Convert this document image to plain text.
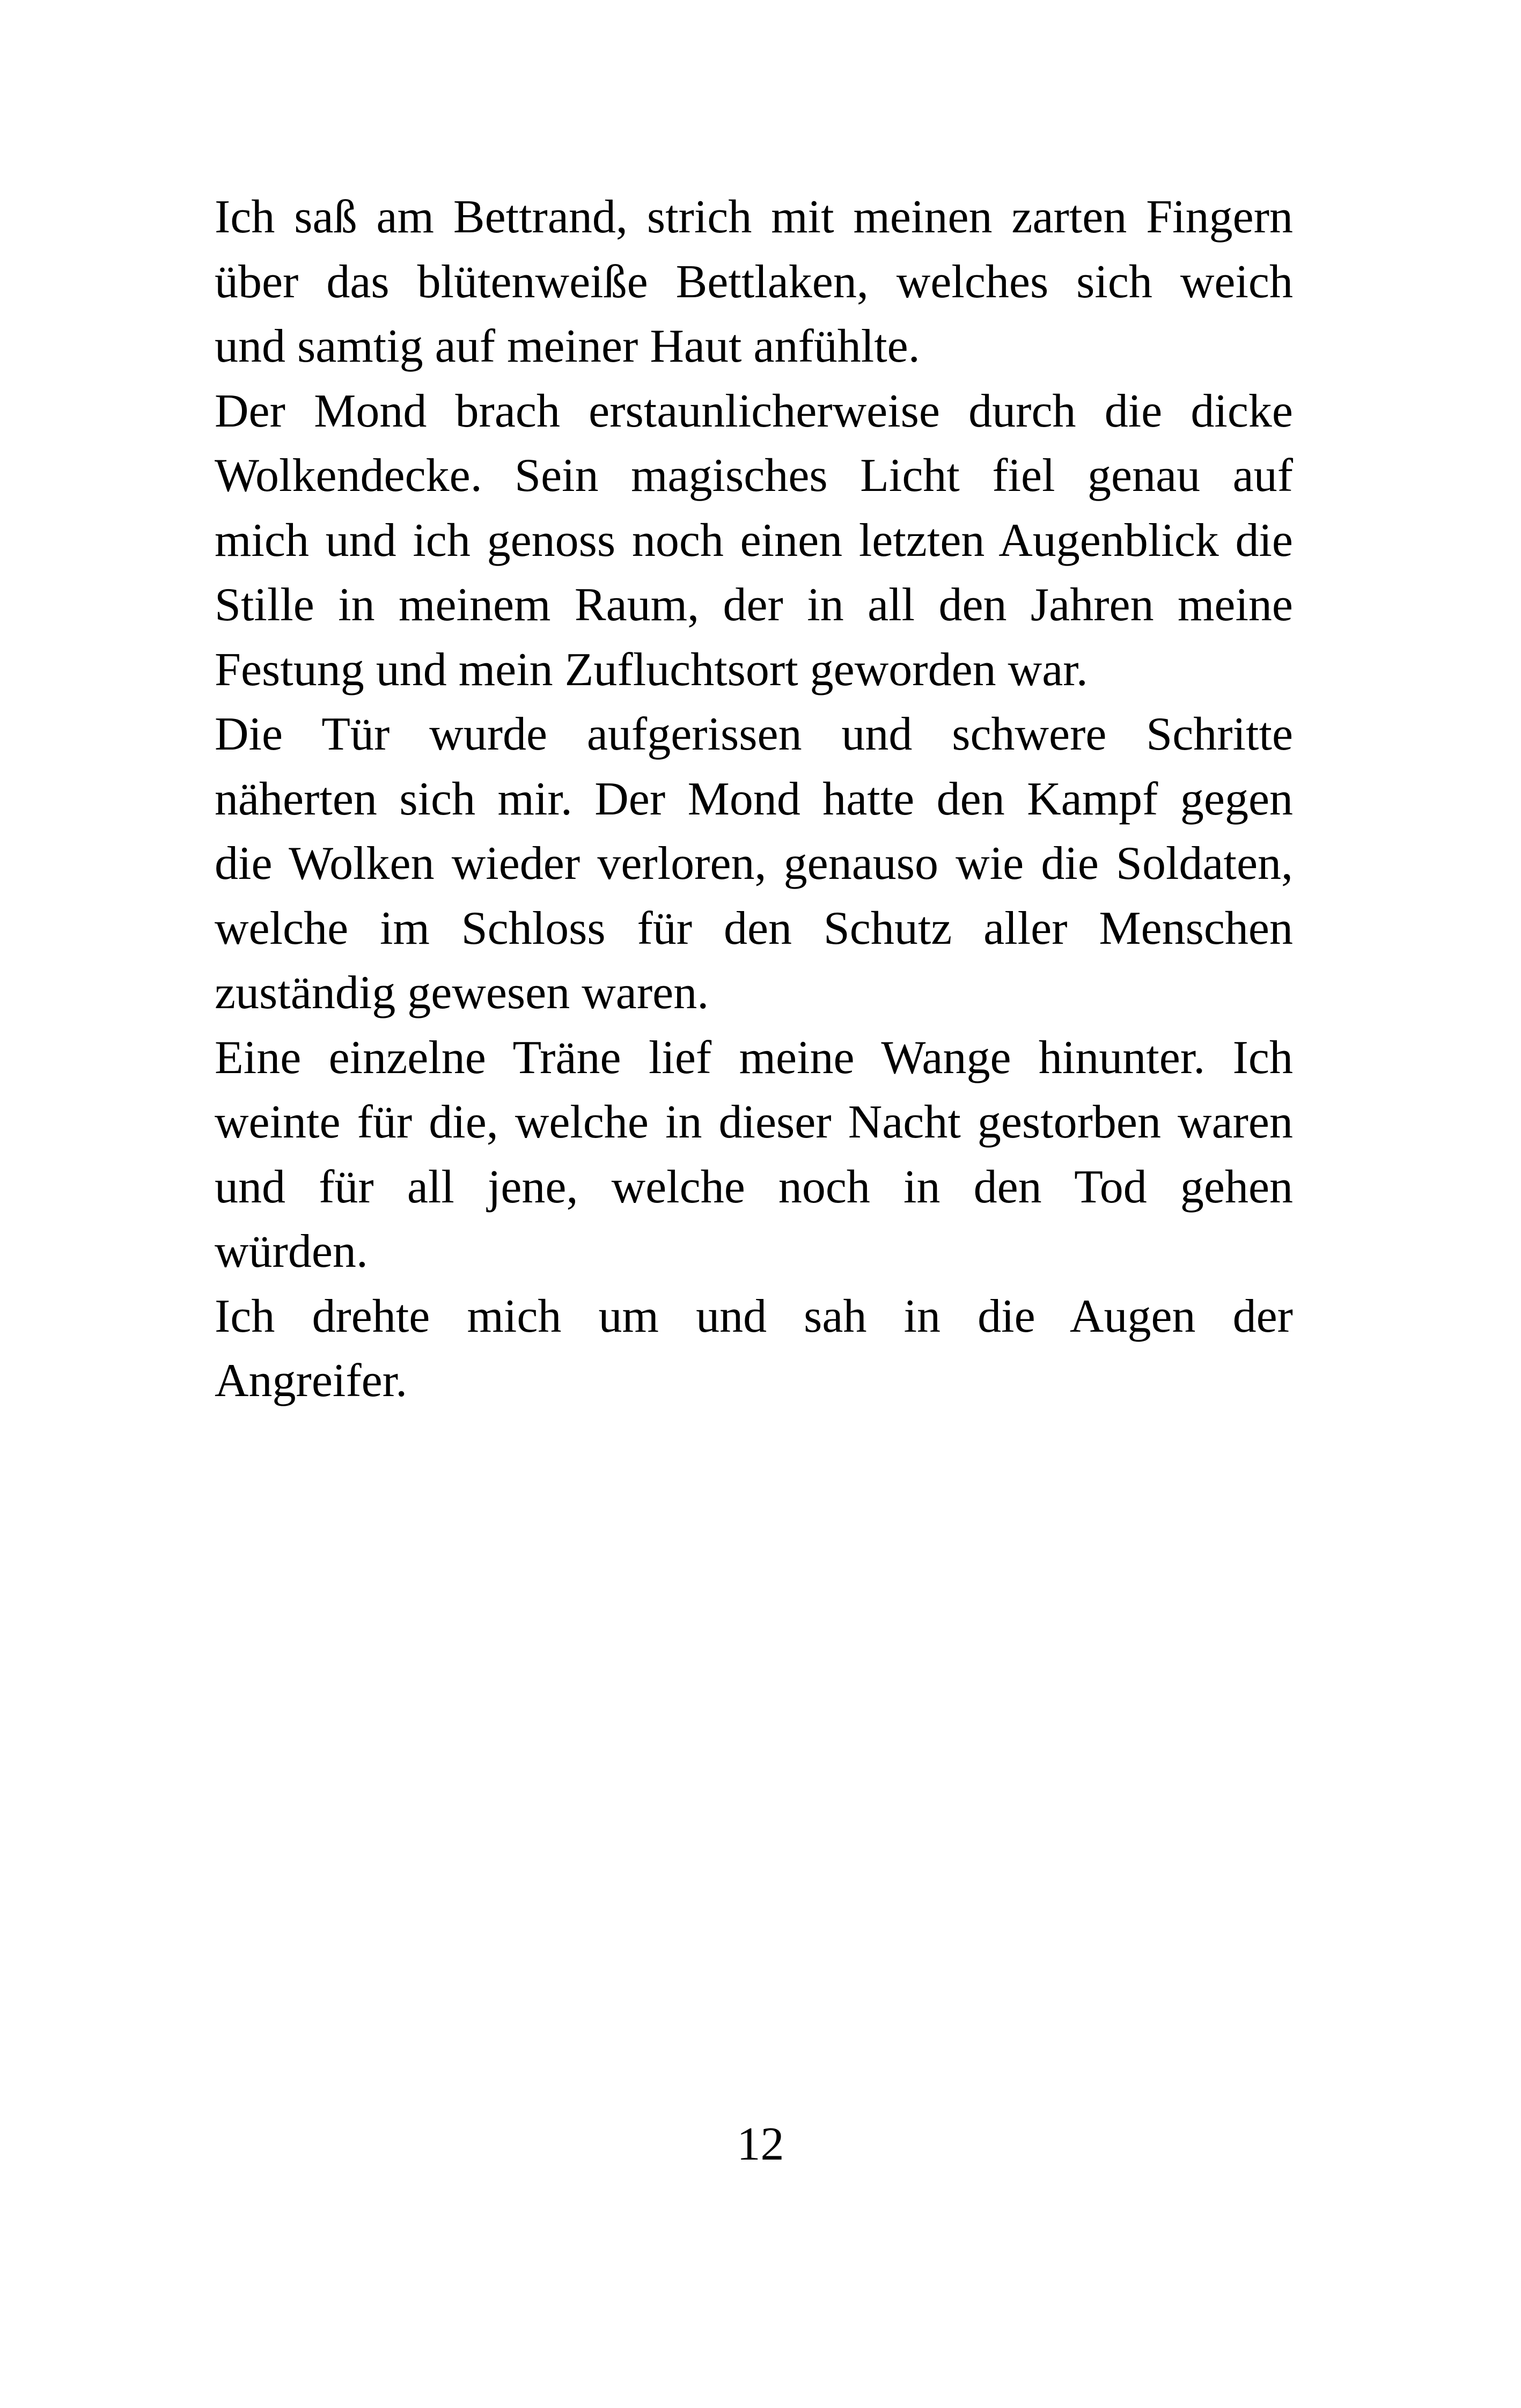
Ich saß am Bettrand, strich mit meinen zarten Fingern
über das blütenweiße Bettlaken, welches sich weich
und samtig auf meiner Haut anfühlte.

Der Mond brach erstaunlicherweise durch die dicke
Wolkendecke. Sein magisches Licht fiel genau auf
mich und ich genoss noch einen letzten Augenblick die
Stille in meinem Raum, der in all den Jahren meine
Festung und mein Zufluchtsort geworden war.

Die Tür wurde aufgerissen und schwere Schritte
näherten sich mir. Der Mond hatte den Kampf gegen
die Wolken wieder verloren, genauso wie die Soldaten,
welche im Schloss für den Schutz aller Menschen
zuständig gewesen waren.

Eine einzelne Träne lief meine Wange hinunter. Ich
weinte für die, welche in dieser Nacht gestorben waren
und für all jene, welche noch in den Tod gehen
würden.

Ich drehte mich um und sah in die Augen der
Angreifer.

12
